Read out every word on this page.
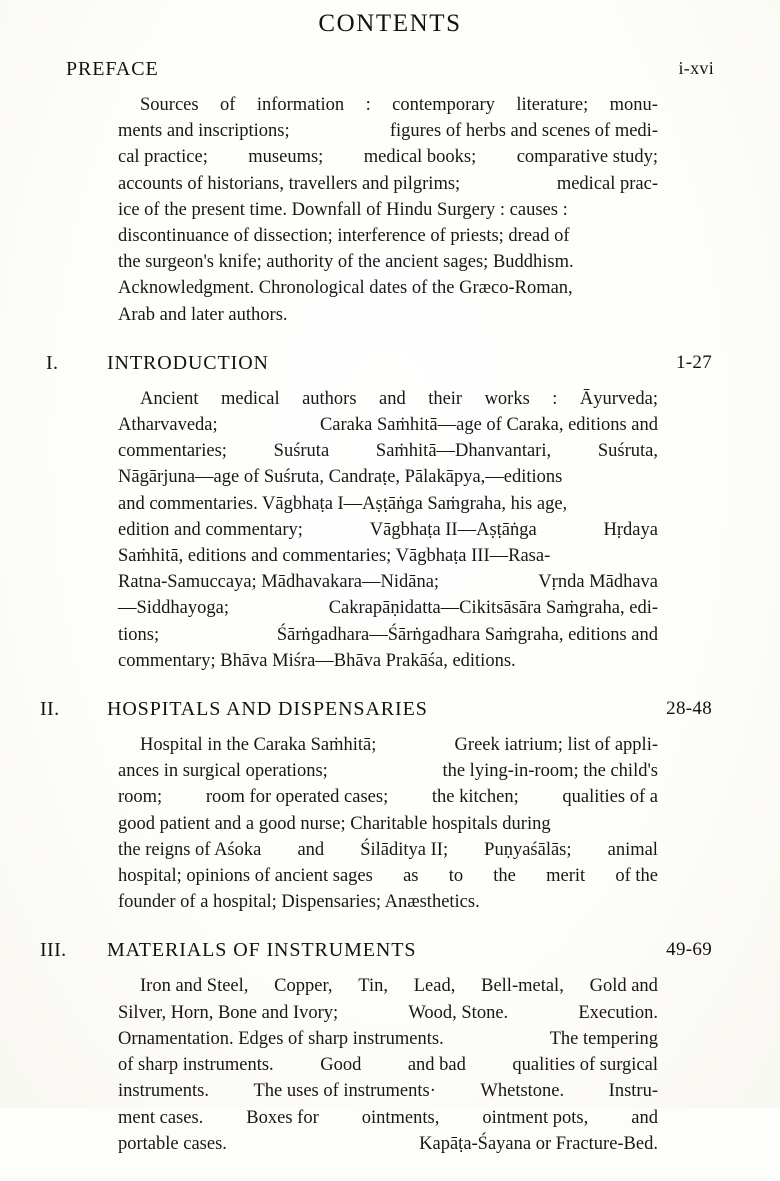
CONTENTS
PREFACE	i-xvi
Sources of information : contemporary literature; monu-
ments and inscriptions;	figures of herbs and scenes of medi-
cal practice; museums; medical books; comparative study;
accounts of historians, travellers and pilgrims;	medical prac-
ice of the present time. Downfall of Hindu Surgery : causes :
discontinuance of dissection; interference of priests; dread of
the surgeon's knife; authority of the ancient sages; Buddhism.
Acknowledgment. Chronological dates of the Græco-Roman,
Arab and later authors.
I.	INTRODUCTION	1-27
Ancient medical authors and their works : Āyurveda;
Atharvaveda;	Caraka Saṁhitā—age of Caraka, editions and
commentaries;	Suśruta	Saṁhitā—Dhanvantari,	Suśruta,
Nāgārjuna—age of Suśruta, Candraṭe, Pālakāpya,—editions
and commentaries. Vāgbhaṭa I—Aṣṭāṅga Saṁgraha, his age,
edition and commentary;	Vāgbhaṭa II—Aṣṭāṅga	Hṛdaya
Saṁhitā, editions and commentaries; Vāgbhaṭa III—Rasa-
Ratna-Samuccaya; Mādhavakara—Nidāna;	Vṛnda Mādhava
—Siddhayoga;	Cakrapāṇidatta—Cikitsāsāra Saṁgraha, edi-
tions;	Śārṅgadhara—Śārṅgadhara Saṁgraha, editions and
commentary; Bhāva Miśra—Bhāva Prakāśa, editions.
II.	HOSPITALS AND DISPENSARIES	28-48
Hospital in the Caraka Saṁhitā;	Greek iatrium; list of appli-
ances in surgical operations;	the lying-in-room; the child's
room; room for operated cases; the kitchen; qualities of a
good patient and a good nurse; Charitable hospitals during
the reigns of Aśoka and Śilāditya II; Puṇyaśālās; animal
hospital; opinions of ancient sages as to the merit of the
founder of a hospital; Dispensaries; Anæsthetics.
III.	MATERIALS OF INSTRUMENTS	49-69
Iron and Steel, Copper, Tin, Lead, Bell-metal, Gold and
Silver, Horn, Bone and Ivory;	Wood, Stone.	Execution.
Ornamentation. Edges of sharp instruments.	The tempering
of sharp instruments.	Good	and bad	qualities of surgical
instruments. The uses of instruments· Whetstone. Instru-
ment cases. Boxes for ointments, ointment pots, and
portable cases.	Kapāṭa-Śayana or Fracture-Bed.
